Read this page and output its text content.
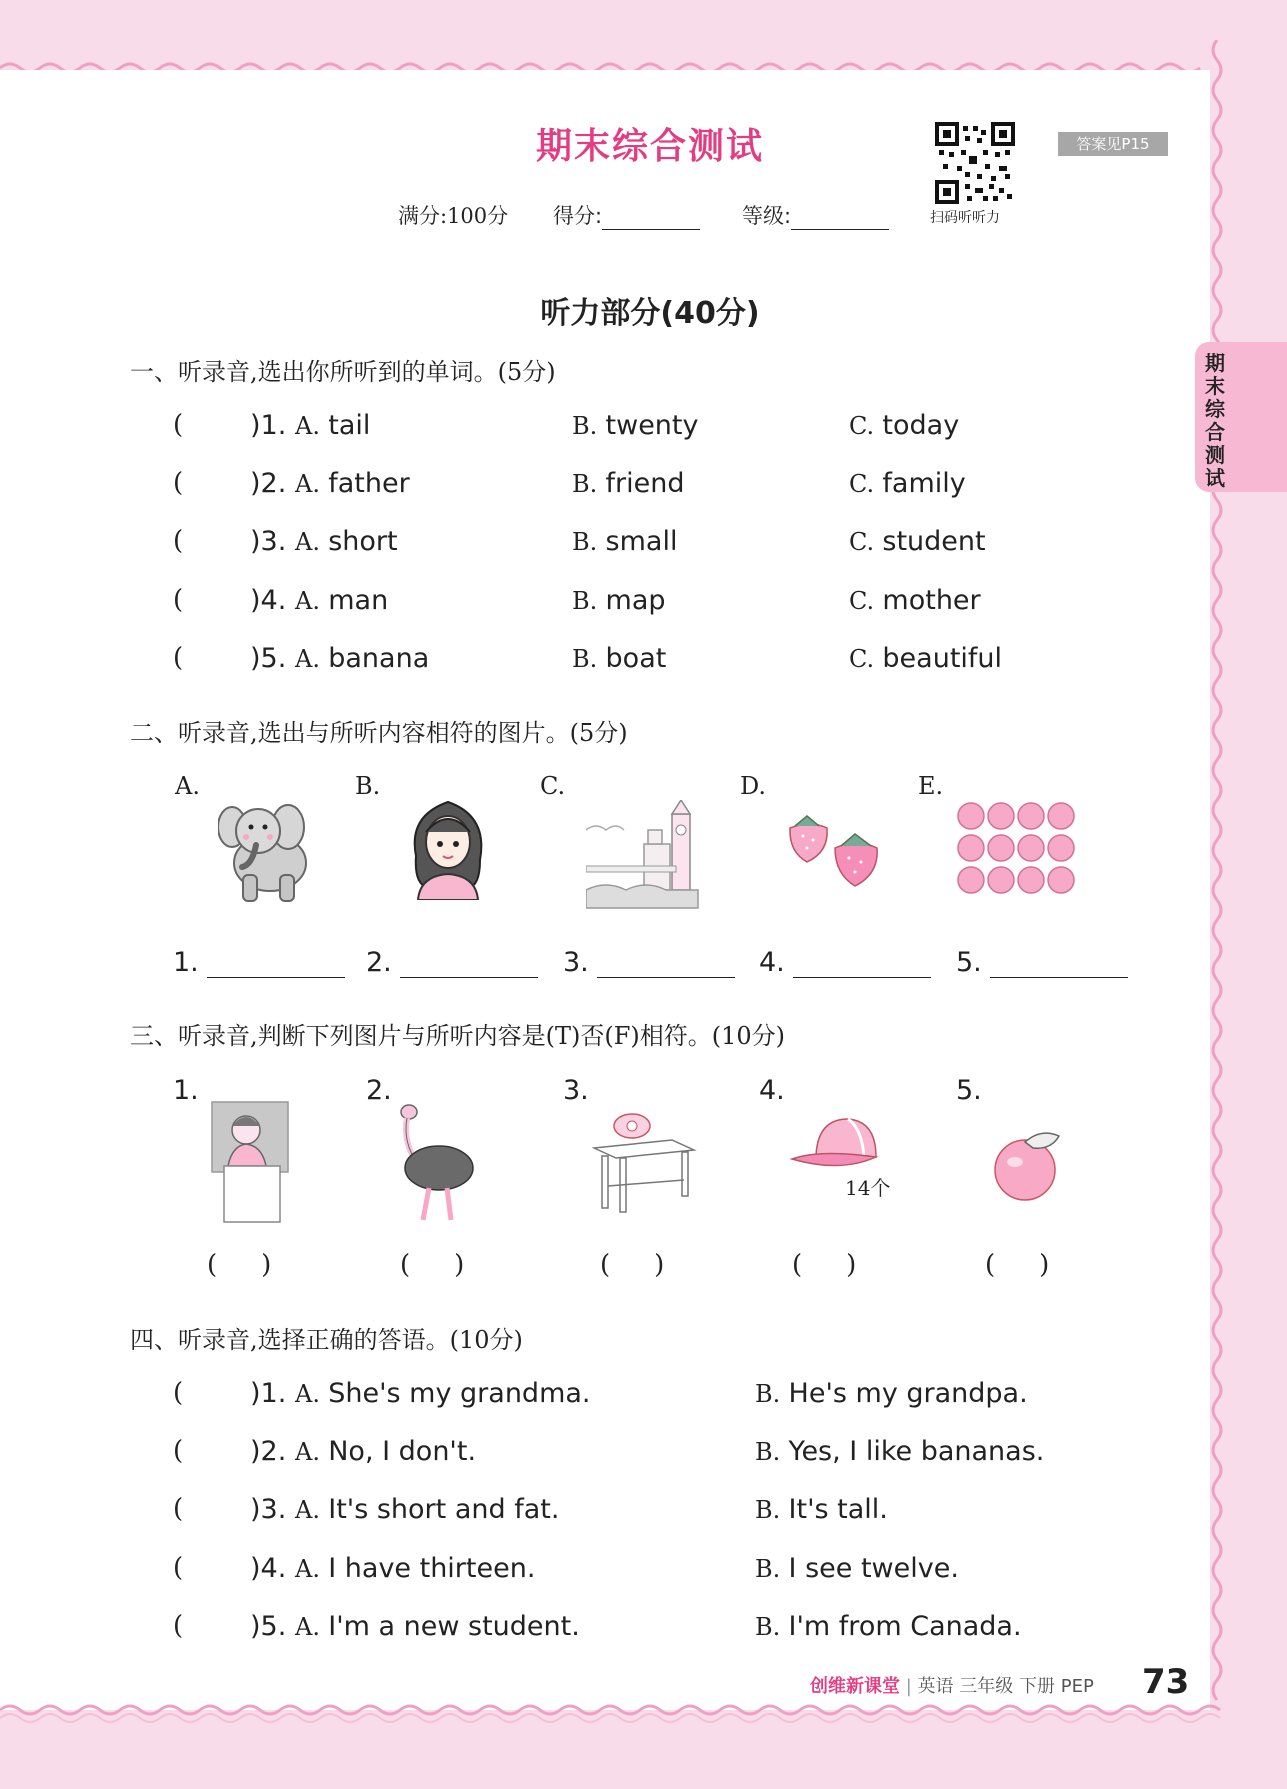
期末综合测试
扫码听听力
答案见P15
满分:100分 得分:	等级:
期末综合测试
听力部分(40分)
一、听录音,选出你所听到的单词。(5分)
( )1. A. tail	B. twenty	C. today
( )2. A. father	B. friend	C. family
( )3. A. short	B. small	C. student
( )4. A. man	B. map	C. mother
( )5. A. banana	B. boat	C. beautiful
二、听录音,选出与所听内容相符的图片。(5分)
A.	B.	C.	D.	E.
1.	2.	3.	4.	5.
三、听录音,判断下列图片与所听内容是(T)否(F)相符。(10分)
1.	2.	3.	4.	5.
14个
( )	( )	( )	( )	( )
四、听录音,选择正确的答语。(10分)
( )1. A. She's my grandma.	B. He's my grandpa.
( )2. A. No, I don't.	B. Yes, I like bananas.
( )3. A. It's short and fat.	B. It's tall.
( )4. A. I have thirteen.	B. I see twelve.
( )5. A. I'm a new student.	B. I'm from Canada.
创维新课堂 | 英语 三年级 下册 PEP 73
